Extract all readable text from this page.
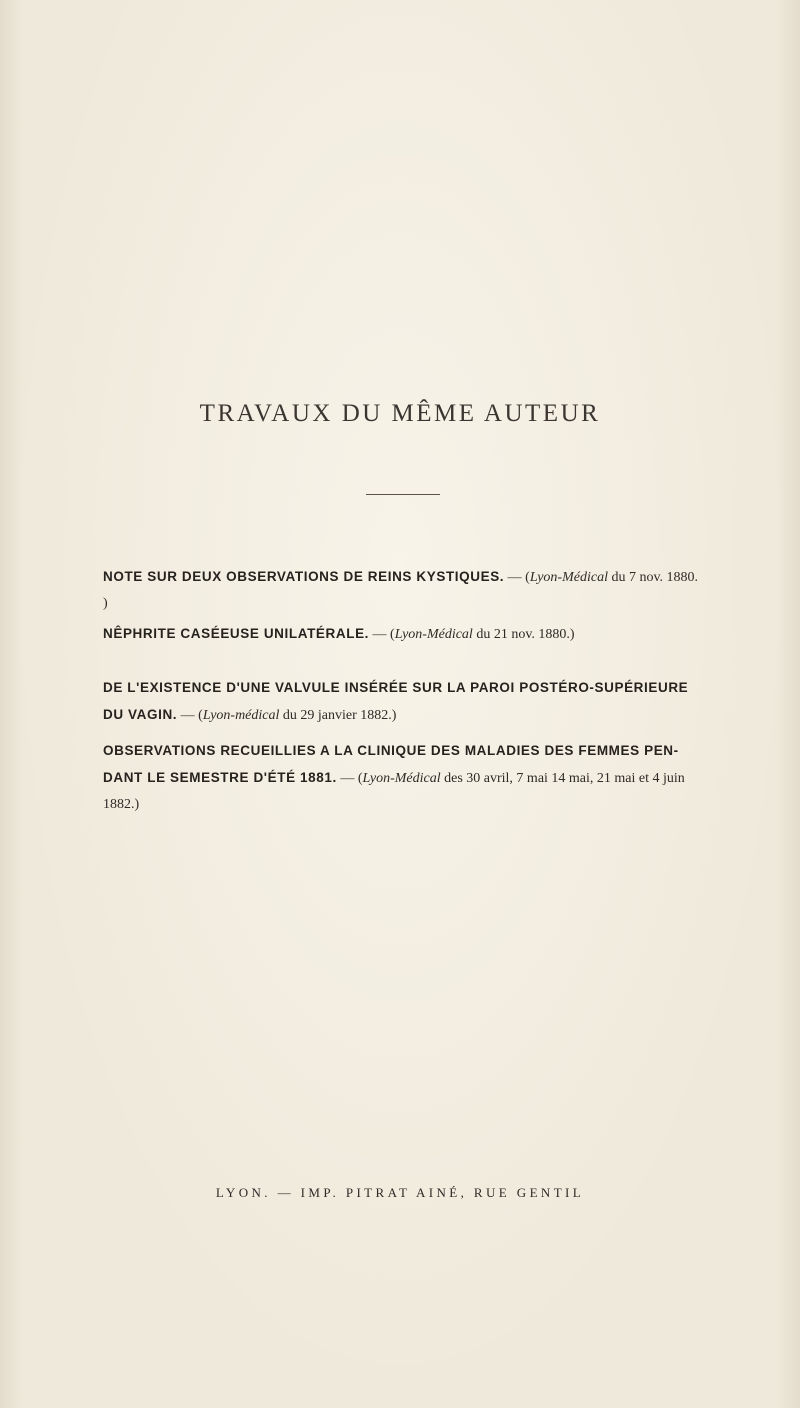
TRAVAUX DU MÊME AUTEUR
NOTE SUR DEUX OBSERVATIONS DE REINS KYSTIQUES. — (Lyon-Médical du 7 nov. 1880. )
NÊPHRITE CASÉEUSE UNILATÉRALE. — (Lyon-Médical du 21 nov. 1880.)
DE L'EXISTENCE D'UNE VALVULE INSÉRÉE SUR LA PAROI POSTÉRO-SUPÉRIEURE DU VAGIN. — (Lyon-médical du 29 janvier 1882.)
OBSERVATIONS RECUEILLIES A LA CLINIQUE DES MALADIES DES FEMMES PEN- DANT LE SEMESTRE D'ÉTÉ 1881. — (Lyon-Médical des 30 avril, 7 mai 14 mai, 21 mai et 4 juin 1882.)
LYON. — IMP. PITRAT AINÉ, RUE GENTIL
